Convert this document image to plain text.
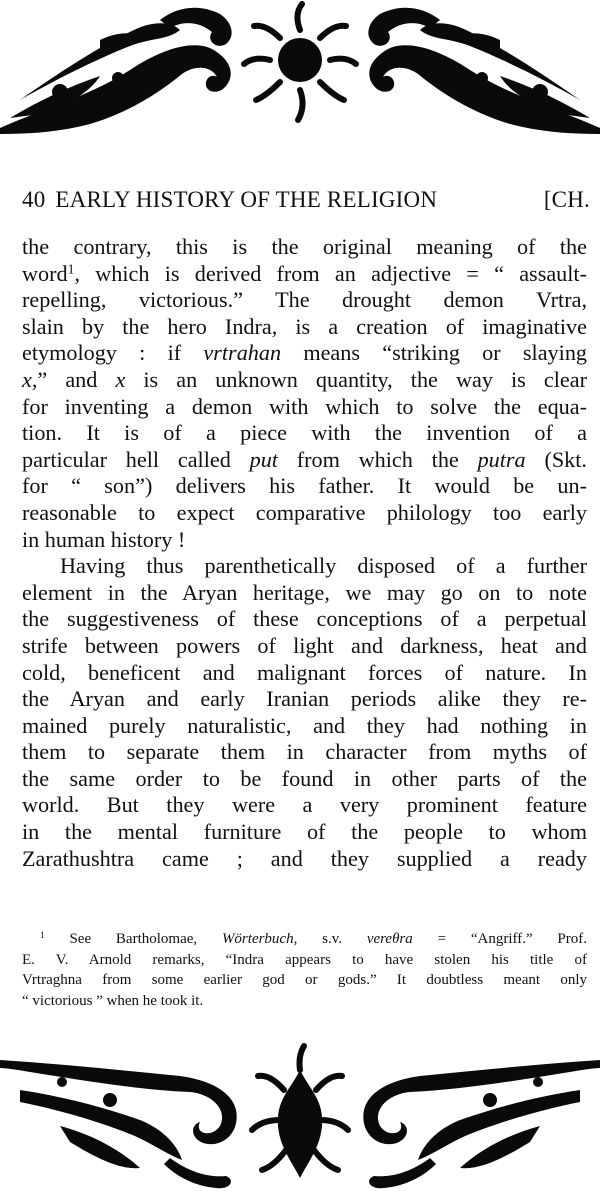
40 EARLY HISTORY OF THE RELIGION	[CH.

the contrary, this is the original meaning of the
word$^1$, which is derived from an adjective = “ assault-
repelling, victorious.” The drought demon Vrtra,
slain by the hero Indra, is a creation of imaginative
etymology : if vrtrahan means “striking or slaying
x,” and x is an unknown quantity, the way is clear
for inventing a demon with which to solve the equa-
tion. It is of a piece with the invention of a
particular hell called put from which the putra (Skt.
for “ son”) delivers his father. It would be un-
reasonable to expect comparative philology too early
in human history !

Having thus parenthetically disposed of a further
element in the Aryan heritage, we may go on to note
the suggestiveness of these conceptions of a perpetual
strife between powers of light and darkness, heat and
cold, beneficent and malignant forces of nature. In
the Aryan and early Iranian periods alike they re-
mained purely naturalistic, and they had nothing in
them to separate them in character from myths of
the same order to be found in other parts of the
world. But they were a very prominent feature
in the mental furniture of the people to whom
Zarathushtra came ; and they supplied a ready

$^1$ See Bartholomae, Wörterbuch, s.v. vereθra = “Angriff.” Prof.
E. V. Arnold remarks, “Indra appears to have stolen his title of
Vrtraghna from some earlier god or gods.” It doubtless meant only
“ victorious ” when he took it.
